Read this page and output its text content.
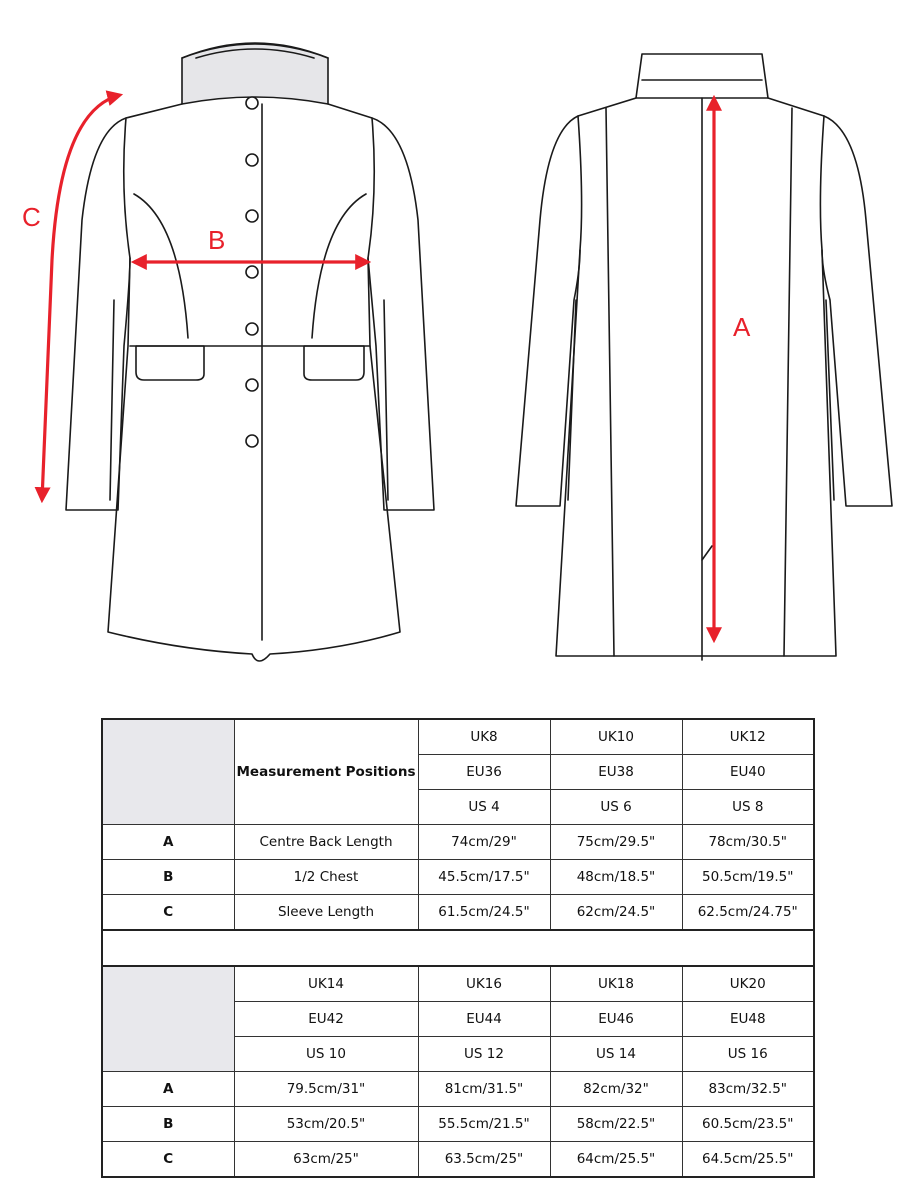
C
B
A
	Measurement Positions	UK8	UK10	UK12
		EU36	EU38	EU40
		US 4	US 6	US 8
A	Centre Back Length	74cm/29"	75cm/29.5"	78cm/30.5"
B	1/2 Chest	45.5cm/17.5"	48cm/18.5"	50.5cm/19.5"
C	Sleeve Length	61.5cm/24.5"	62cm/24.5"	62.5cm/24.75"

	UK14	UK16	UK18	UK20
	EU42	EU44	EU46	EU48
	US 10	US 12	US 14	US 16
A	79.5cm/31"	81cm/31.5"	82cm/32"	83cm/32.5"
B	53cm/20.5"	55.5cm/21.5"	58cm/22.5"	60.5cm/23.5"
C	63cm/25"	63.5cm/25"	64cm/25.5"	64.5cm/25.5"
